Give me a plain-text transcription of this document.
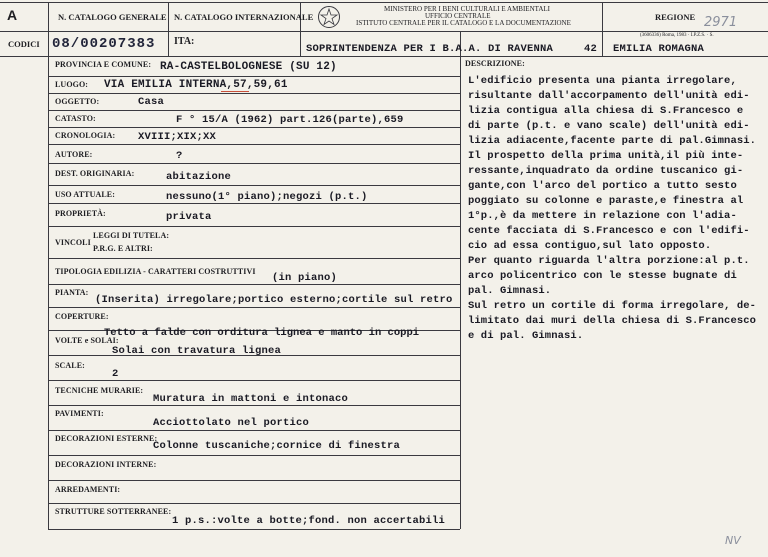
A	N. CATALOGO GENERALE N. CATALOGO INTERNAZIONALE
MINISTERO PER I BENI CULTURALI E AMBIENTALI
UFFICIO CENTRALE
ISTITUTO CENTRALE PER IL CATALOGO E LA DOCUMENTAZIONE
REGIONE 2971
CODICI 08/00207383 ITA:
SOPRINTENDENZA PER I B.A.A. DI RAVENNA	42 EMILIA ROMAGNA
PROVINCIA E COMUNE: RA-CASTELBOLOGNESE (SU 12)
LUOGO: VIA EMILIA INTERNA,57,59,61
OGGETTO:	Casa
CATASTO:	F ° 15/A (1962) part.126(parte),659
CRONOLOGIA: XVIII;XIX;XX
AUTORE:	?
DEST. ORIGINARIA:	abitazione
USO ATTUALE:	nessuno(1° piano);negozi (p.t.)
PROPRIETÀ:	privata
VINCOLI
LEGGI DI TUTELA:
P.R.G. E ALTRI:
TIPOLOGIA EDILIZIA - CARATTERI COSTRUTTIVI
(in piano)
PIANTA:
(Inserita) irregolare;portico esterno;cortile sul retro
COPERTURE:
Tetto a falde con orditura lignea e manto in coppi
VOLTE e SOLAI:
Solai con travatura lignea
SCALE:
2
TECNICHE MURARIE:
Muratura in mattoni e intonaco
PAVIMENTI:
Acciottolato nel portico
DECORAZIONI ESTERNE:
Colonne tuscaniche;cornice di finestra
DECORAZIONI INTERNE:
ARREDAMENTI:
STRUTTURE SOTTERRANEE:
1 p.s.:volte a botte;fond. non accertabili
DESCRIZIONE:
L'edificio presenta una pianta irregolare,
risultante dall'accorpamento dell'unità edi-
lizia contigua alla chiesa di S.Francesco e
di parte (p.t. e vano scale) dell'unità edi-
lizia adiacente,facente parte di pal.Gimnasi.
Il prospetto della prima unità,il più inte-
ressante,inquadrato da ordine tuscanico gi-
gante,con l'arco del portico a tutto sesto
poggiato su colonne e paraste,e finestra al
1°p.,è da mettere in relazione con l'adia-
cente facciata di S.Francesco e con l'edifi-
cio ad essa contiguo,sul lato opposto.
Per quanto riguarda l'altra porzione:al p.t.
arco policentrico con le stesse bugnate di
pal. Gimnasi.
Sul retro un cortile di forma irregolare, de-
limitato dai muri della chiesa di S.Francesco
e di pal. Gimnasi.
(3606336) Roma, 1983 · I.P.Z.S. · S.
NV
